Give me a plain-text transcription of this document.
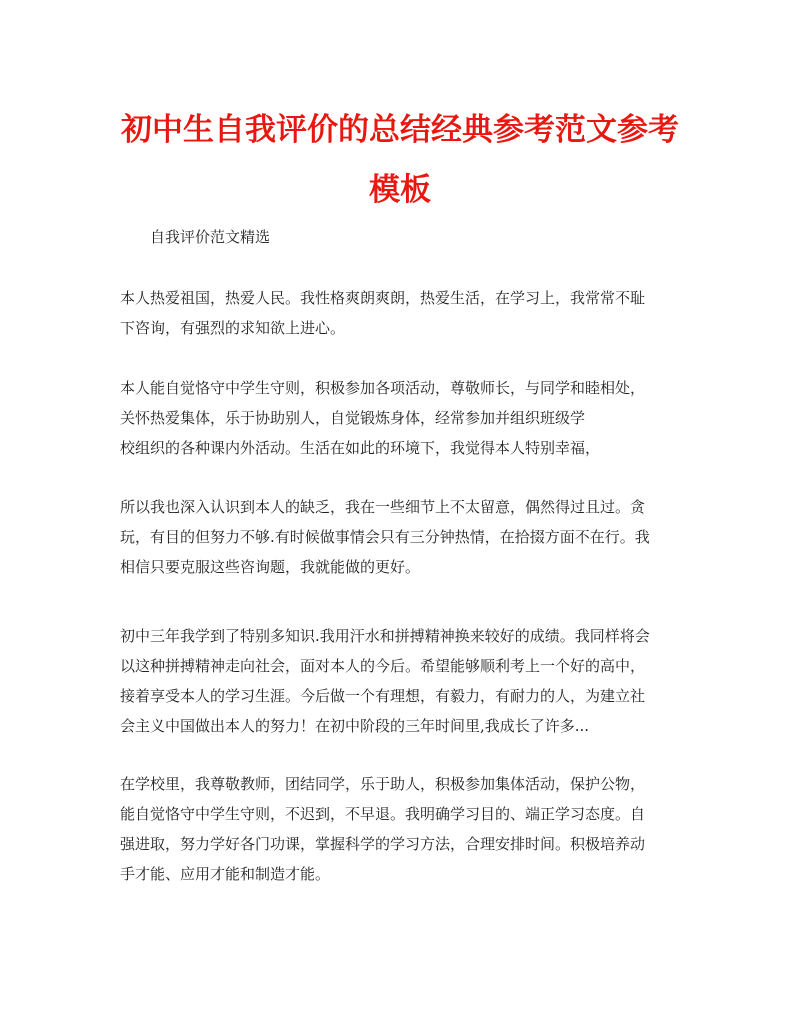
初中生自我评价的总结经典参考范文参考
模板

自我评价范文精选

本人热爱祖国，热爱人民。我性格爽朗爽朗，热爱生活，在学习上，我常常不耻
下咨询，有强烈的求知欲上进心。

本人能自觉恪守中学生守则，积极参加各项活动，尊敬师长，与同学和睦相处，
关怀热爱集体，乐于协助别人，自觉锻炼身体，经常参加并组织班级学
校组织的各种课内外活动。生活在如此的环境下，我觉得本人特别幸福，

所以我也深入认识到本人的缺乏，我在一些细节上不太留意，偶然得过且过。贪
玩，有目的但努力不够.有时候做事情会只有三分钟热情，在拾掇方面不在行。我
相信只要克服这些咨询题，我就能做的更好。

初中三年我学到了特别多知识.我用汗水和拼搏精神换来较好的成绩。我同样将会
以这种拼搏精神走向社会，面对本人的今后。希望能够顺利考上一个好的高中，
接着享受本人的学习生涯。今后做一个有理想，有毅力，有耐力的人，为建立社
会主义中国做出本人的努力！在初中阶段的三年时间里,我成长了许多...

在学校里，我尊敬教师，团结同学，乐于助人，积极参加集体活动，保护公物，
能自觉恪守中学生守则，不迟到，不早退。我明确学习目的、端正学习态度。自
强进取，努力学好各门功课，掌握科学的学习方法，合理安排时间。积极培养动
手才能、应用才能和制造才能。
